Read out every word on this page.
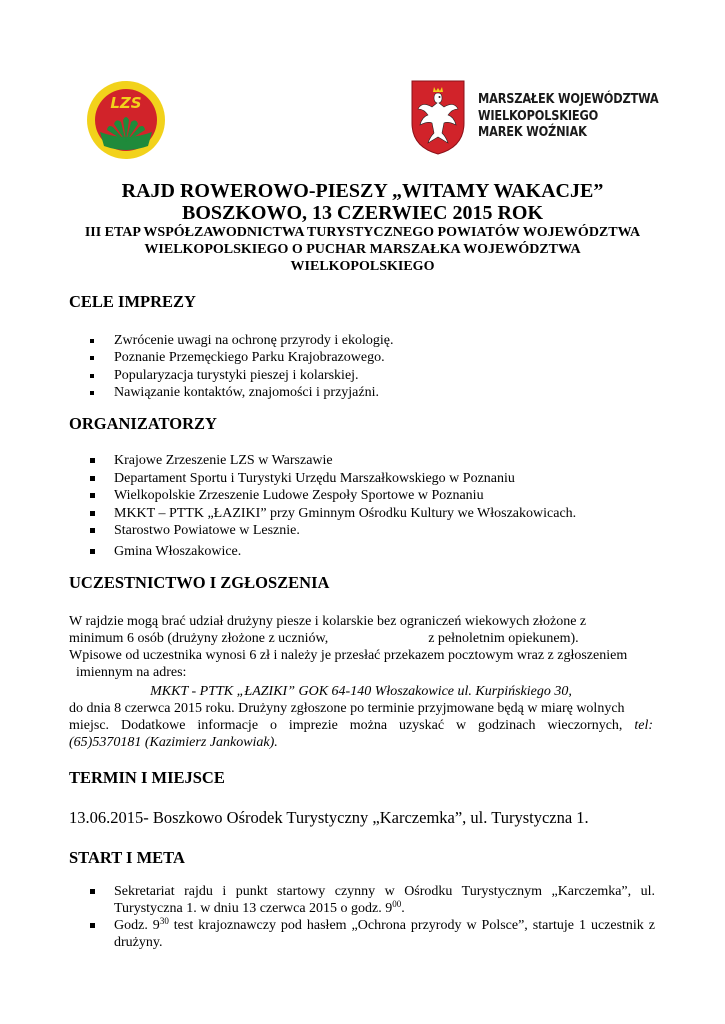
LZS	MARSZAŁEK WOJEWÓDZTWA
WIELKOPOLSKIEGO
MAREK WOŹNIAK
RAJD ROWEROWO-PIESZY „WITAMY WAKACJE”
BOSZKOWO, 13 CZERWIEC 2015 ROK
III ETAP WSPÓŁZAWODNICTWA TURYSTYCZNEGO POWIATÓW WOJEWÓDZTWA
WIELKOPOLSKIEGO O PUCHAR MARSZAŁKA WOJEWÓDZTWA
WIELKOPOLSKIEGO
CELE IMPREZY
Zwrócenie uwagi na ochronę przyrody i ekologię.
Poznanie Przemęckiego Parku Krajobrazowego.
Popularyzacja turystyki pieszej i kolarskiej.
Nawiązanie kontaktów, znajomości i przyjaźni.
ORGANIZATORZY
Krajowe Zrzeszenie LZS w Warszawie
Departament Sportu i Turystyki Urzędu Marszałkowskiego w Poznaniu
Wielkopolskie Zrzeszenie Ludowe Zespoły Sportowe w Poznaniu
MKKT – PTTK „ŁAZIKI” przy Gminnym Ośrodku Kultury we Włoszakowicach.
Starostwo Powiatowe w Lesznie.
Gmina Włoszakowice.
UCZESTNICTWO I ZGŁOSZENIA
W rajdzie mogą brać udział drużyny piesze i kolarskie bez ograniczeń wiekowych złożone z
minimum 6 osób (drużyny złożone z uczniów,	z pełnoletnim opiekunem).
Wpisowe od uczestnika wynosi 6 zł i należy je przesłać przekazem pocztowym wraz z zgłoszeniem
imiennym na adres:
MKKT - PTTK „ŁAZIKI” GOK 64-140 Włoszakowice ul. Kurpińskiego 30,
do dnia 8 czerwca 2015 roku. Drużyny zgłoszone po terminie przyjmowane będą w miarę wolnych
miejsc. Dodatkowe informacje o imprezie można uzyskać w godzinach wieczornych, tel:
(65)5370181 (Kazimierz Jankowiak).
TERMIN I MIEJSCE
13.06.2015- Boszkowo Ośrodek Turystyczny „Karczemka”, ul. Turystyczna 1.
START I META
Sekretariat rajdu i punkt startowy czynny w Ośrodku Turystycznym „Karczemka”, ul. Turystyczna 1. w dniu 13 czerwca 2015 o godz. $9^{00}$.
Godz. $9^{30}$ test krajoznawczy pod hasłem „Ochrona przyrody w Polsce”, startuje 1 uczestnik z drużyny.
